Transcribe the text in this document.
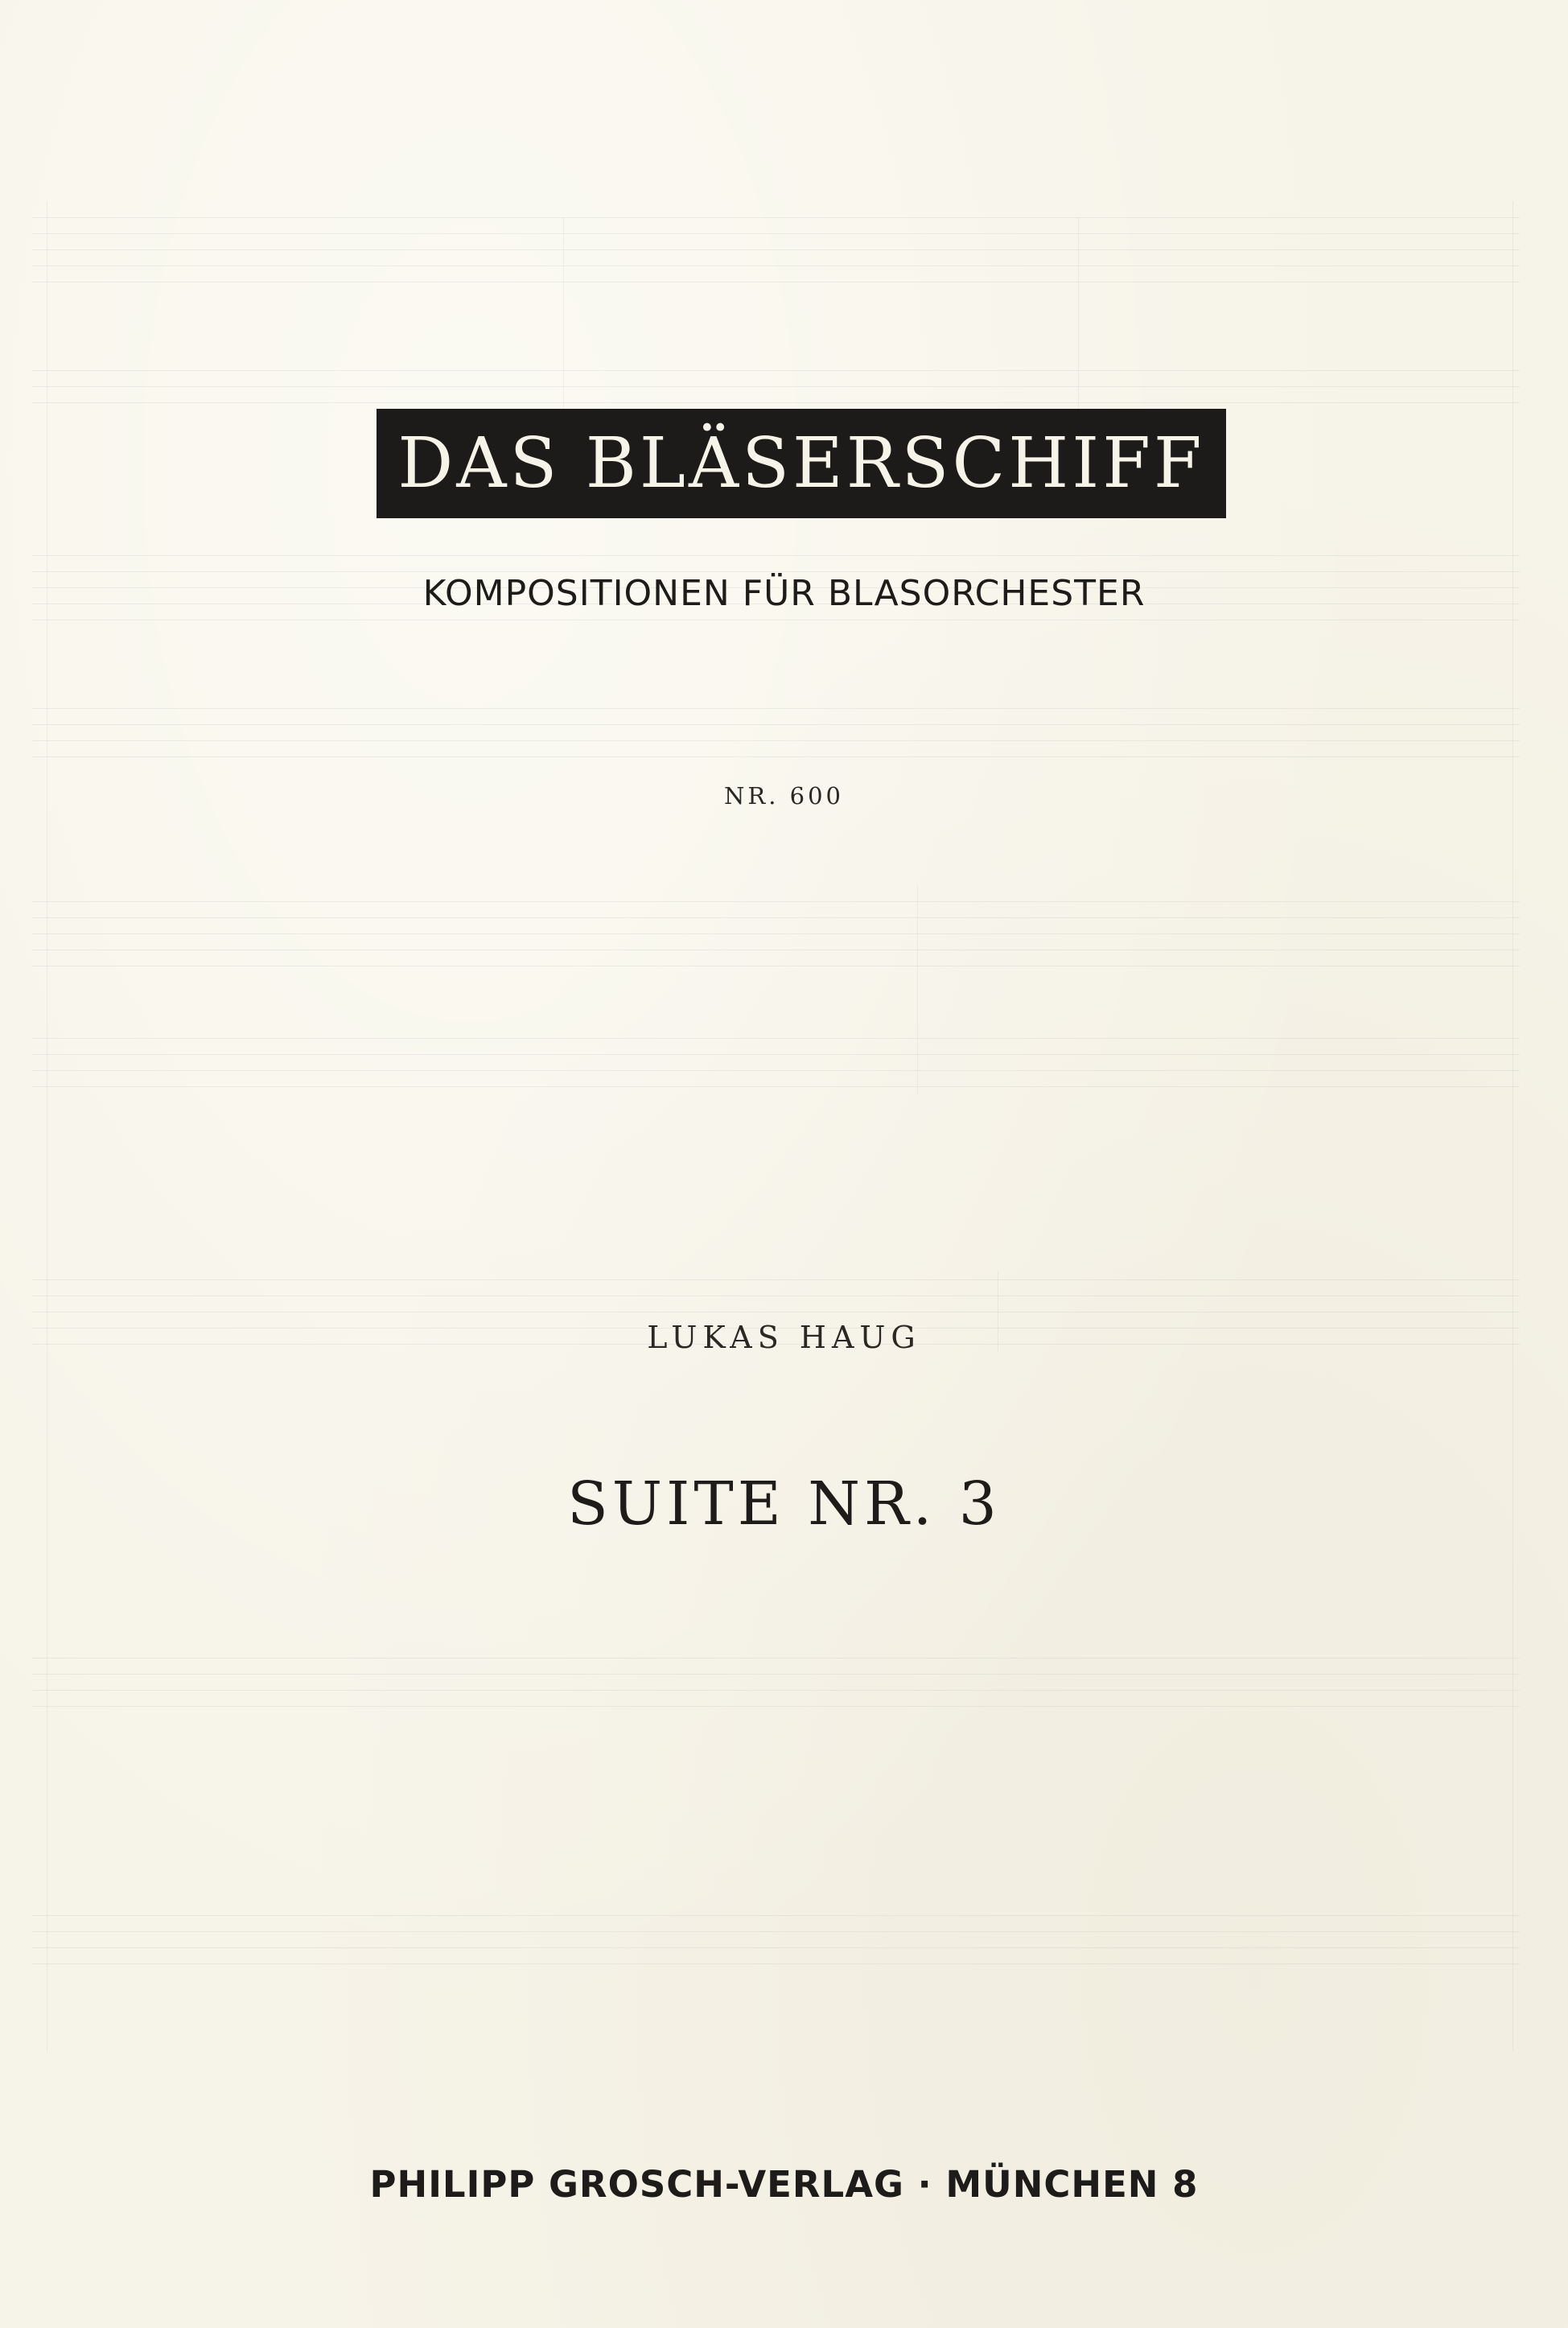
DAS BLÄSERSCHIFF
KOMPOSITIONEN FÜR BLASORCHESTER
NR. 600
LUKAS HAUG
SUITE NR. 3
PHILIPP GROSCH-VERLAG · MÜNCHEN 8
